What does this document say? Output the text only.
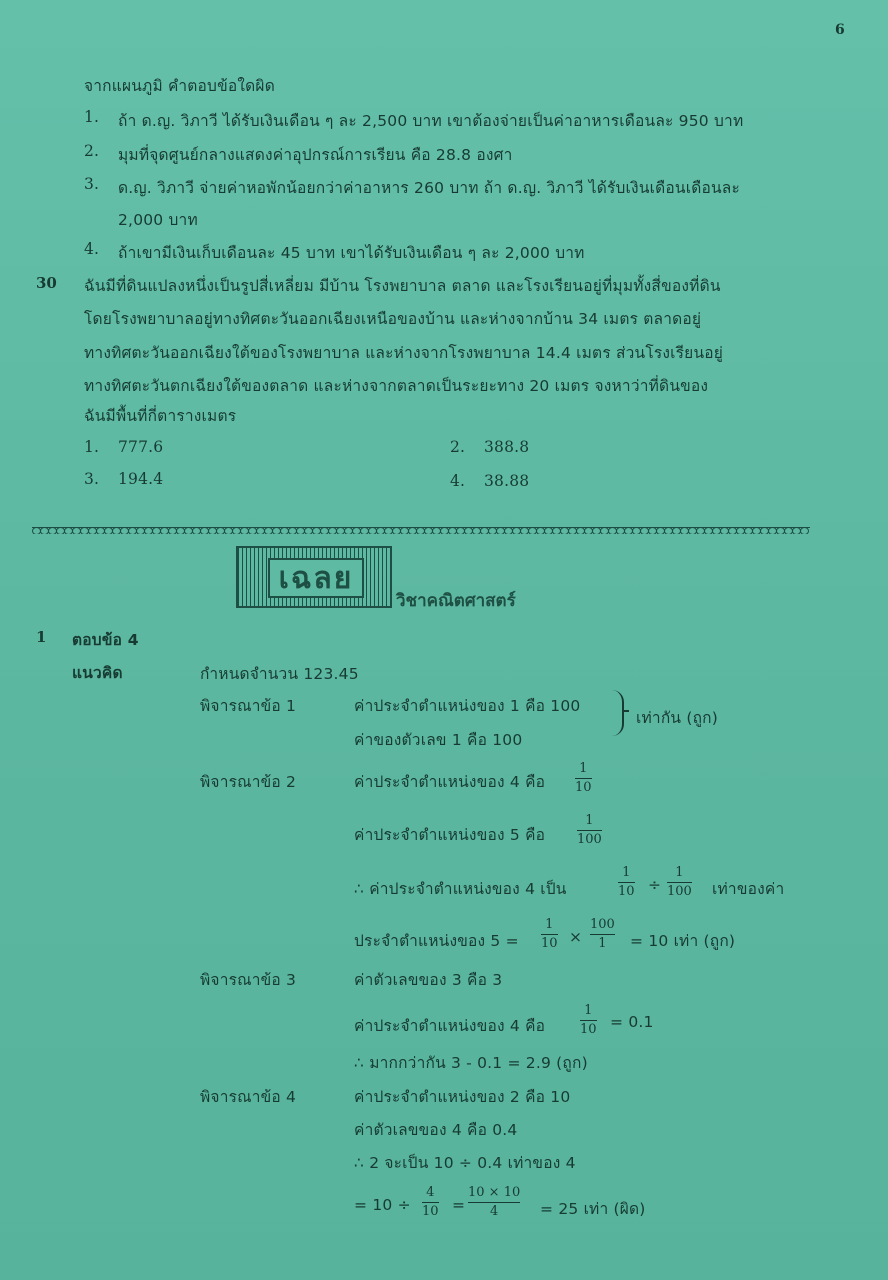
6
จากแผนภูมิ คำตอบข้อใดผิด
1. ถ้า ด.ญ. วิภาวี ได้รับเงินเดือน ๆ ละ 2,500 บาท เขาต้องจ่ายเป็นค่าอาหารเดือนละ 950 บาท
2. มุมที่จุดศูนย์กลางแสดงค่าอุปกรณ์การเรียน คือ 28.8 องศา
3. ด.ญ. วิภาวี จ่ายค่าหอพักน้อยกว่าค่าอาหาร 260 บาท ถ้า ด.ญ. วิภาวี ได้รับเงินเดือนเดือนละ
2,000 บาท
4. ถ้าเขามีเงินเก็บเดือนละ 45 บาท เขาได้รับเงินเดือน ๆ ละ 2,000 บาท
30 ฉันมีที่ดินแปลงหนึ่งเป็นรูปสี่เหลี่ยม มีบ้าน โรงพยาบาล ตลาด และโรงเรียนอยู่ที่มุมทั้งสี่ของที่ดิน
โดยโรงพยาบาลอยู่ทางทิศตะวันออกเฉียงเหนือของบ้าน และห่างจากบ้าน 34 เมตร ตลาดอยู่
ทางทิศตะวันออกเฉียงใต้ของโรงพยาบาล และห่างจากโรงพยาบาล 14.4 เมตร ส่วนโรงเรียนอยู่
ทางทิศตะวันตกเฉียงใต้ของตลาด และห่างจากตลาดเป็นระยะทาง 20 เมตร จงหาว่าที่ดินของ
ฉันมีพื้นที่กี่ตารางเมตร
1. 777.6	2. 388.8
3. 194.4	4. 38.88
เฉลย
วิชาคณิตศาสตร์
1 ตอบข้อ 4
แนวคิด	กำหนดจำนวน 123.45
พิจารณาข้อ 1	ค่าประจำตำแหน่งของ 1 คือ 100
ค่าของตัวเลข 1 คือ 100
เท่ากัน (ถูก)
พิจารณาข้อ 2	ค่าประจำตำแหน่งของ 4 คือ
1
10
ค่าประจำตำแหน่งของ 5 คือ
1
100
∴ ค่าประจำตำแหน่งของ 4 เป็น
1
10 ÷
1
100 เท่าของค่า
ประจำตำแหน่งของ 5 =
1
10 ×
100
1 = 10 เท่า (ถูก)
พิจารณาข้อ 3	ค่าตัวเลขของ 3 คือ 3
ค่าประจำตำแหน่งของ 4 คือ
1
10 = 0.1
∴ มากกว่ากัน 3 - 0.1 = 2.9 (ถูก)
พิจารณาข้อ 4	ค่าประจำตำแหน่งของ 2 คือ 10
ค่าตัวเลขของ 4 คือ 0.4
∴ 2 จะเป็น 10 ÷ 0.4 เท่าของ 4
= 10 ÷
4
10 =
10 × 10
4	= 25 เท่า (ผิด)
